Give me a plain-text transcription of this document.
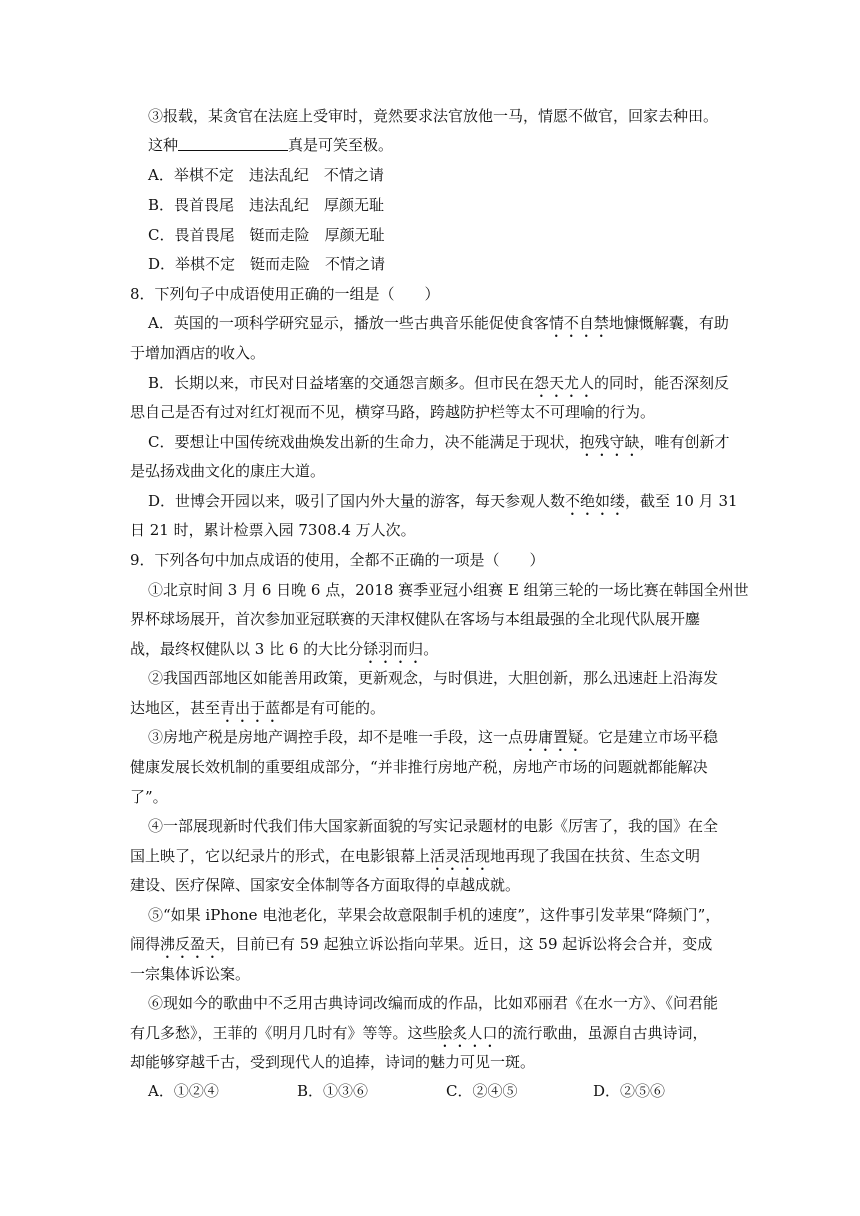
③报载，某贪官在法庭上受审时，竟然要求法官放他一马，情愿不做官，回家去种田。
这种	真是可笑至极。
A．举棋不定　违法乱纪　不情之请
B．畏首畏尾　违法乱纪　厚颜无耻
C．畏首畏尾　铤而走险　厚颜无耻
D．举棋不定　铤而走险　不情之请
8．下列句子中成语使用正确的一组是（　　）
A．英国的一项科学研究显示，播放一些古典音乐能促使食客情不自禁地慷慨解囊，有助
于增加酒店的收入。
B．长期以来，市民对日益堵塞的交通怨言颇多。但市民在怨天尤人的同时，能否深刻反
思自己是否有过对红灯视而不见，横穿马路，跨越防护栏等太不可理喻的行为。
C．要想让中国传统戏曲焕发出新的生命力，决不能满足于现状，抱残守缺，唯有创新才
是弘扬戏曲文化的康庄大道。
D．世博会开园以来，吸引了国内外大量的游客，每天参观人数不绝如缕，截至 10 月 31
日 21 时，累计检票入园 7308.4 万人次。
9．下列各句中加点成语的使用，全都不正确的一项是（　　）
①北京时间 3 月 6 日晚 6 点，2018 赛季亚冠小组赛 E 组第三轮的一场比赛在韩国全州世
界杯球场展开，首次参加亚冠联赛的天津权健队在客场与本组最强的全北现代队展开鏖
战，最终权健队以 3 比 6 的大比分铩羽而归。
②我国西部地区如能善用政策，更新观念，与时俱进，大胆创新，那么迅速赶上沿海发
达地区，甚至青出于蓝都是有可能的。
③房地产税是房地产调控手段，却不是唯一手段，这一点毋庸置疑。它是建立市场平稳
健康发展长效机制的重要组成部分，“并非推行房地产税，房地产市场的问题就都能解决
了”。
④一部展现新时代我们伟大国家新面貌的写实记录题材的电影《厉害了，我的国》在全
国上映了，它以纪录片的形式，在电影银幕上活灵活现地再现了我国在扶贫、生态文明
建设、医疗保障、国家安全体制等各方面取得的卓越成就。
⑤“如果 iPhone 电池老化，苹果会故意限制手机的速度”，这件事引发苹果“降频门”，
闹得沸反盈天，目前已有 59 起独立诉讼指向苹果。近日，这 59 起诉讼将会合并，变成
一宗集体诉讼案。
⑥现如今的歌曲中不乏用古典诗词改编而成的作品，比如邓丽君《在水一方》、《问君能
有几多愁》，王菲的《明月几时有》等等。这些脍炙人口的流行歌曲，虽源自古典诗词，
却能够穿越千古，受到现代人的追捧，诗词的魅力可见一斑。
A．①②④	B．①③⑥	C．②④⑤	D．②⑤⑥
